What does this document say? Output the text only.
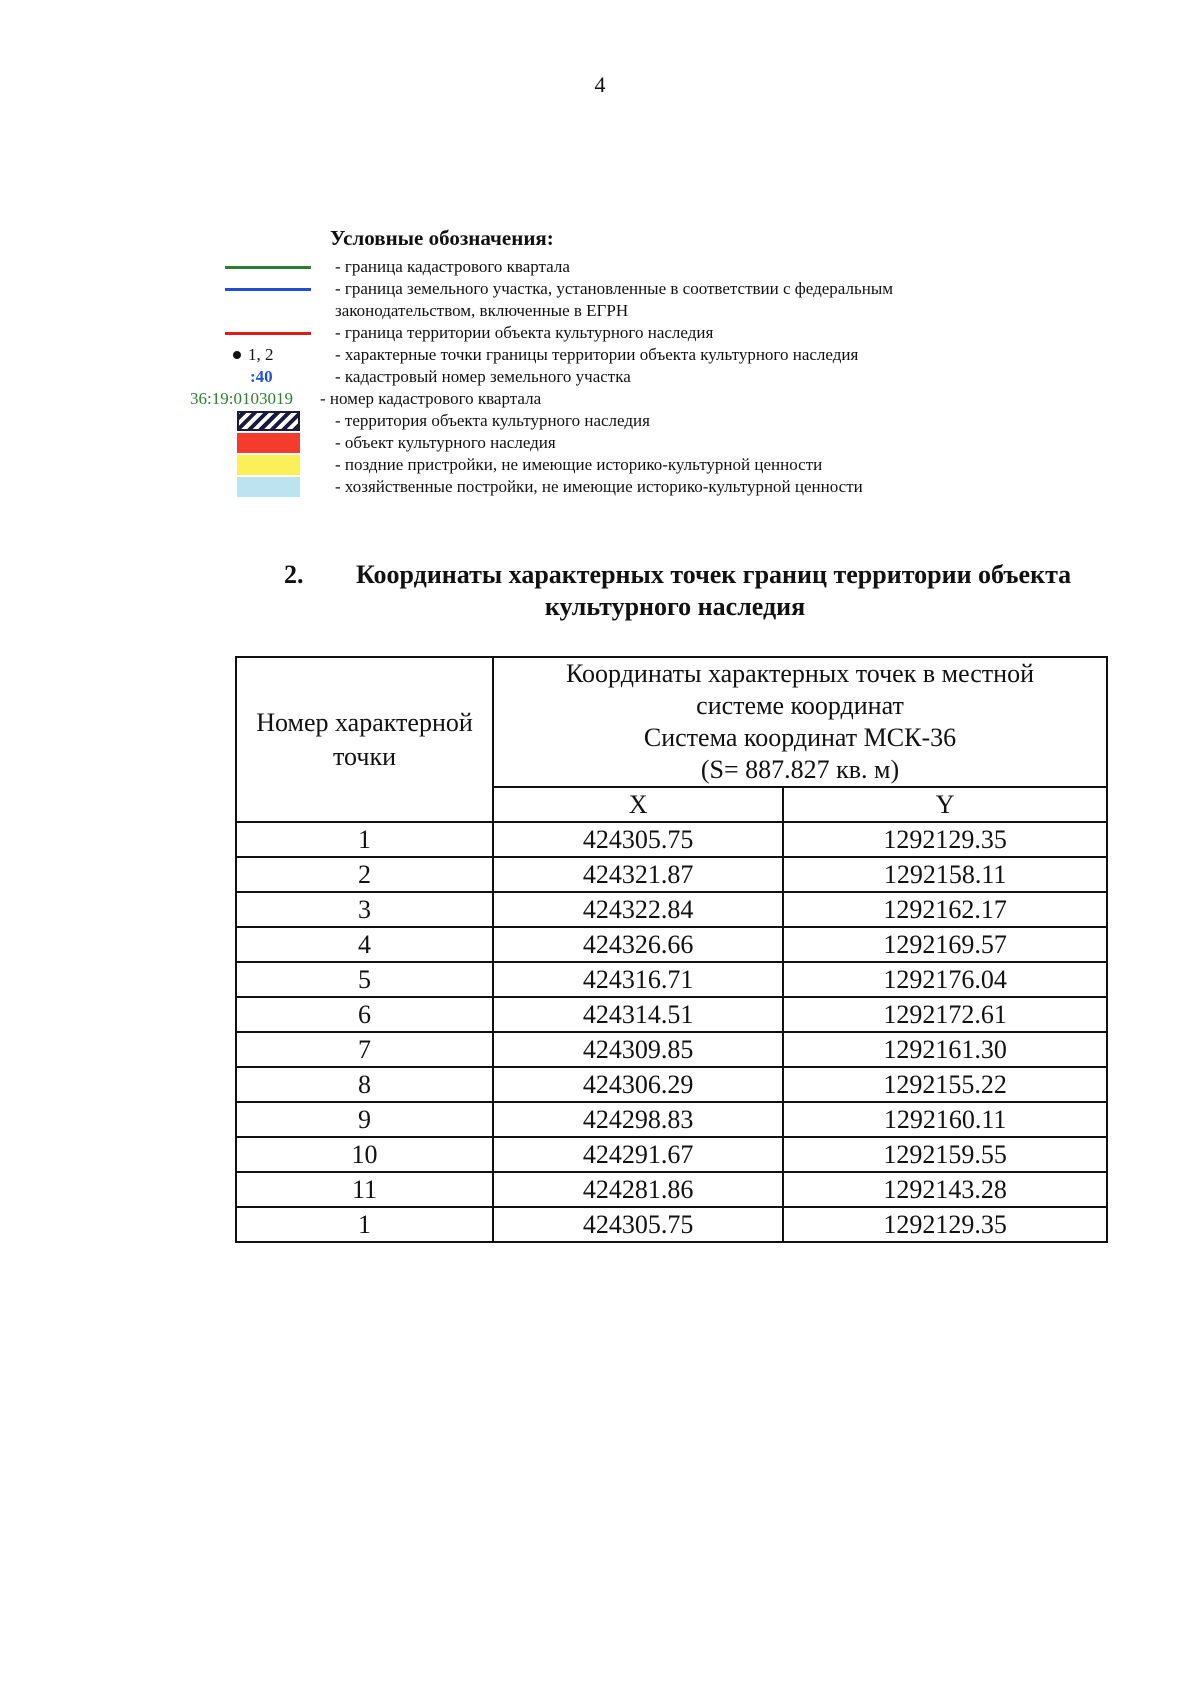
4
Условные обозначения:
- граница кадастрового квартала
- граница земельного участка, установленные в соответствии с федеральным
законодательством, включенные в ЕГРН
- граница территории объекта культурного наследия
1, 2	- характерные точки границы территории объекта культурного наследия
:40	- кадастровый номер земельного участка
36:19:0103019 - номер кадастрового квартала
- территория объекта культурного наследия
- объект культурного наследия
- поздние пристройки, не имеющие историко-культурной ценности
- хозяйственные постройки, не имеющие историко-культурной ценности
2. Координаты характерных точек границ территории объекта
культурного наследия
Номер характерной точки	Координаты характерных точек в местной
системе координат
Система координат МСК-36
(S= 887.827 кв. м)	

	X	Y
1	424305.75	1292129.35
2	424321.87	1292158.11
3	424322.84	1292162.17
4	424326.66	1292169.57
5	424316.71	1292176.04
6	424314.51	1292172.61
7	424309.85	1292161.30
8	424306.29	1292155.22
9	424298.83	1292160.11
10	424291.67	1292159.55
11	424281.86	1292143.28
1	424305.75	1292129.35
